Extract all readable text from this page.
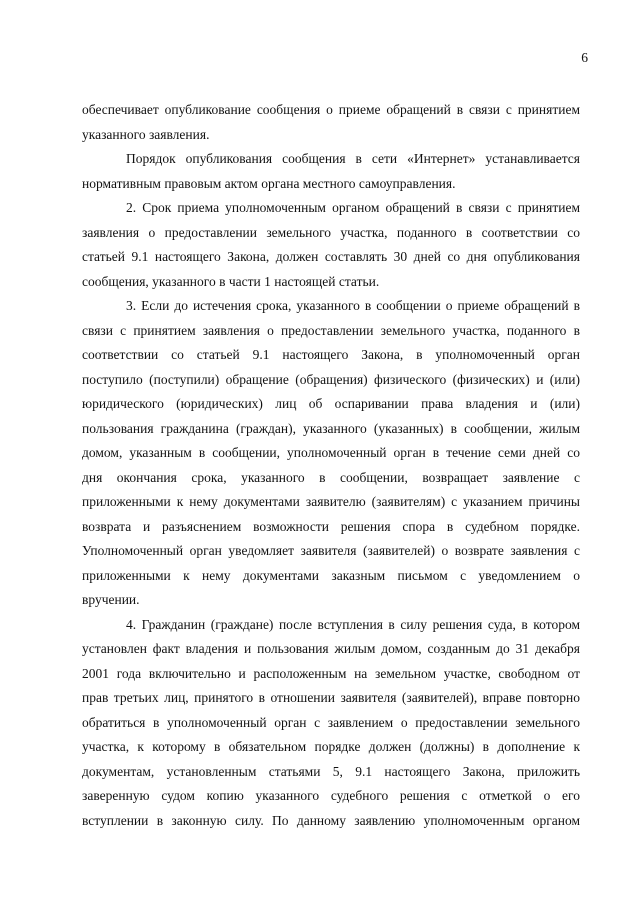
6
обеспечивает опубликование сообщения о приеме обращений в связи с принятием
указанного заявления.
Порядок опубликования сообщения в сети «Интернет» устанавливается
нормативным правовым актом органа местного самоуправления.
2. Срок приема уполномоченным органом обращений в связи с принятием
заявления о предоставлении земельного участка, поданного в соответствии со
статьей 9.1 настоящего Закона, должен составлять 30 дней со дня опубликования
сообщения, указанного в части 1 настоящей статьи.
3. Если до истечения срока, указанного в сообщении о приеме обращений в
связи с принятием заявления о предоставлении земельного участка, поданного в
соответствии со статьей 9.1 настоящего Закона, в уполномоченный орган
поступило (поступили) обращение (обращения) физического (физических) и (или)
юридического (юридических) лиц об оспаривании права владения и (или)
пользования гражданина (граждан), указанного (указанных) в сообщении, жилым
домом, указанным в сообщении, уполномоченный орган в течение семи дней со
дня окончания срока, указанного в сообщении, возвращает заявление с
приложенными к нему документами заявителю (заявителям) с указанием причины
возврата и разъяснением возможности решения спора в судебном порядке.
Уполномоченный орган уведомляет заявителя (заявителей) о возврате заявления с
приложенными к нему документами заказным письмом с уведомлением о
вручении.
4. Гражданин (граждане) после вступления в силу решения суда, в котором
установлен факт владения и пользования жилым домом, созданным до 31 декабря
2001 года включительно и расположенным на земельном участке, свободном от
прав третьих лиц, принятого в отношении заявителя (заявителей), вправе повторно
обратиться в уполномоченный орган с заявлением о предоставлении земельного
участка, к которому в обязательном порядке должен (должны) в дополнение к
документам, установленным статьями 5, 9.1 настоящего Закона, приложить
заверенную судом копию указанного судебного решения с отметкой о его
вступлении в законную силу. По данному заявлению уполномоченным органом
